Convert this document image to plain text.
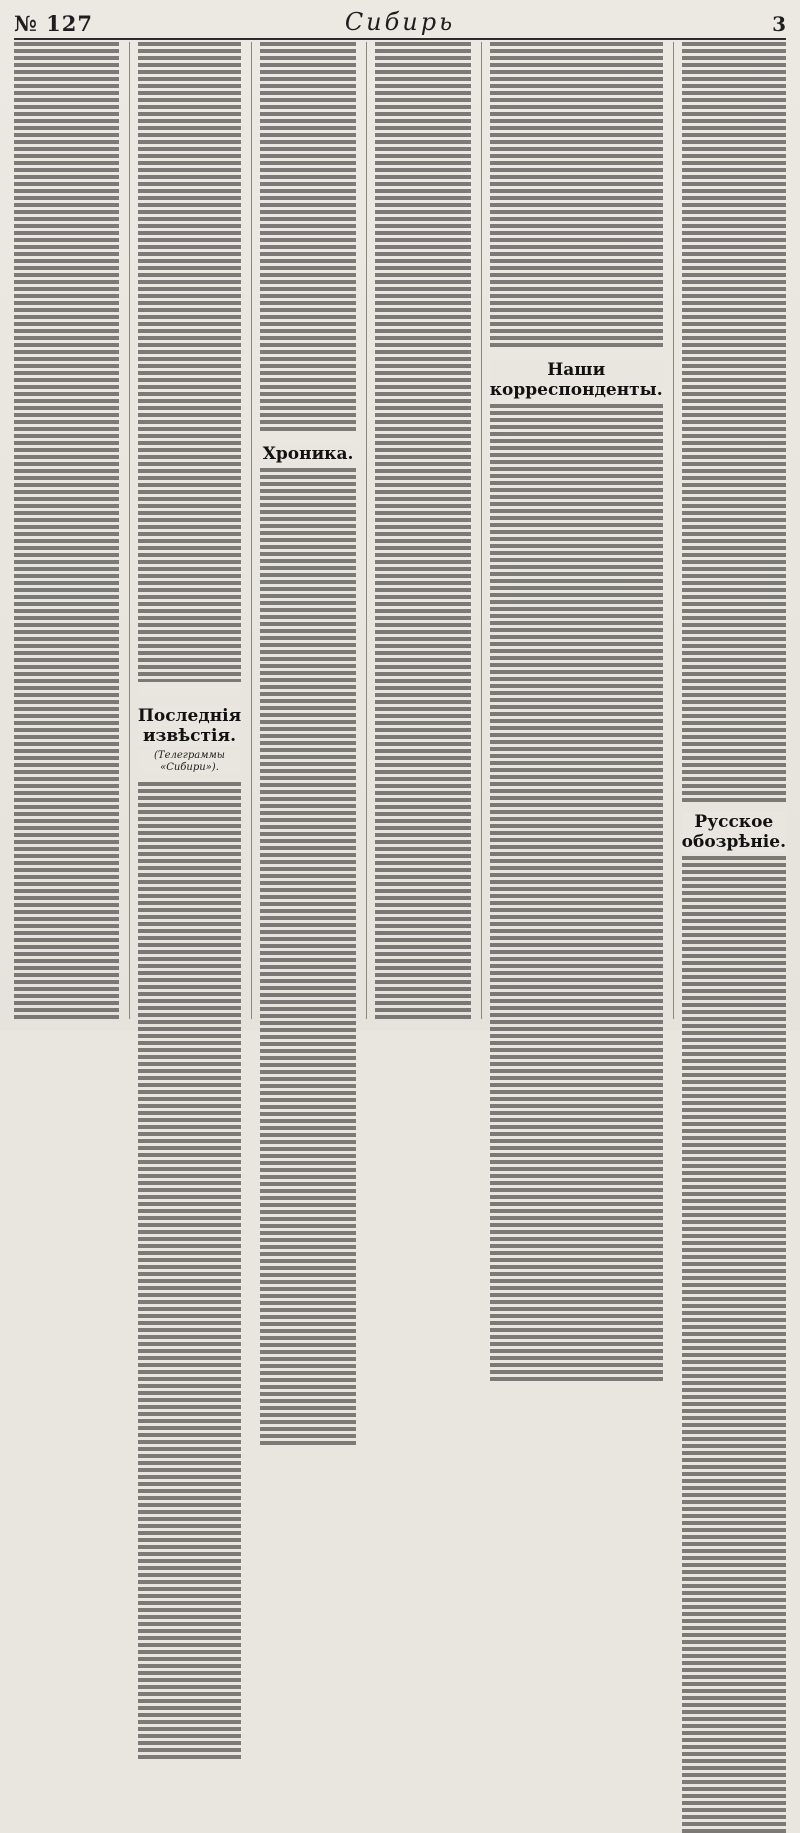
№ 127	Сибирь	3
Последнія извѣстія.
(Телеграммы «Сибири»).
Хроника.
Наши корреспонденты.
Русское обозрѣніе.
